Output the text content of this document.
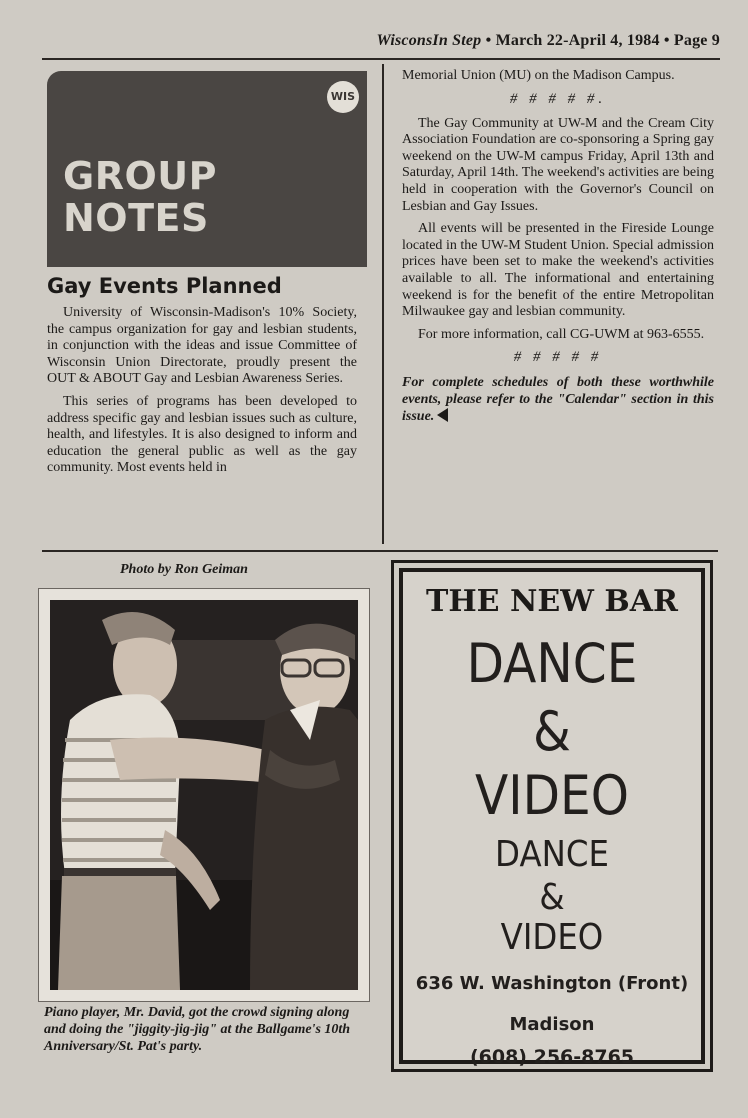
WisconsIn Step • March 22-April 4, 1984 • Page 9
WIS
GROUP
NOTES
Gay Events Planned

University of Wisconsin-Madison's 10% Society, the campus organization for gay and lesbian students, in conjunction with the ideas and issue Committee of Wisconsin Union Directorate, proudly present the OUT & ABOUT Gay and Lesbian Awareness Series.

This series of programs has been developed to address specific gay and lesbian issues such as culture, health, and lifestyles. It is also designed to inform and education the general public as well as the gay community. Most events held in

Memorial Union (MU) on the Madison Campus.

# # # # #.

The Gay Community at UW-M and the Cream City Association Foundation are co-sponsoring a Spring gay weekend on the UW-M campus Friday, April 13th and Saturday, April 14th. The weekend's activities are being held in cooperation with the Governor's Council on Lesbian and Gay Issues.

All events will be presented in the Fireside Lounge located in the UW-M Student Union. Special admission prices have been set to make the weekend's activities available to all. The informational and entertaining weekend is for the benefit of the entire Metropolitan Milwaukee gay and lesbian community.

For more information, call CG-UWM at 963-6555.

# # # # #

For complete schedules of both these worthwhile events, please refer to the "Calendar" section in this issue.

Photo by Ron Geiman
Piano player, Mr. David, got the crowd signing along and doing the "jiggity-jig-jig" at the Ballgame's 10th Anniversary/St. Pat's party.
THE NEW BAR
DANCE
&
VIDEO
DANCE
&
VIDEO
636 W. Washington (Front)
Madison
(608) 256-8765
